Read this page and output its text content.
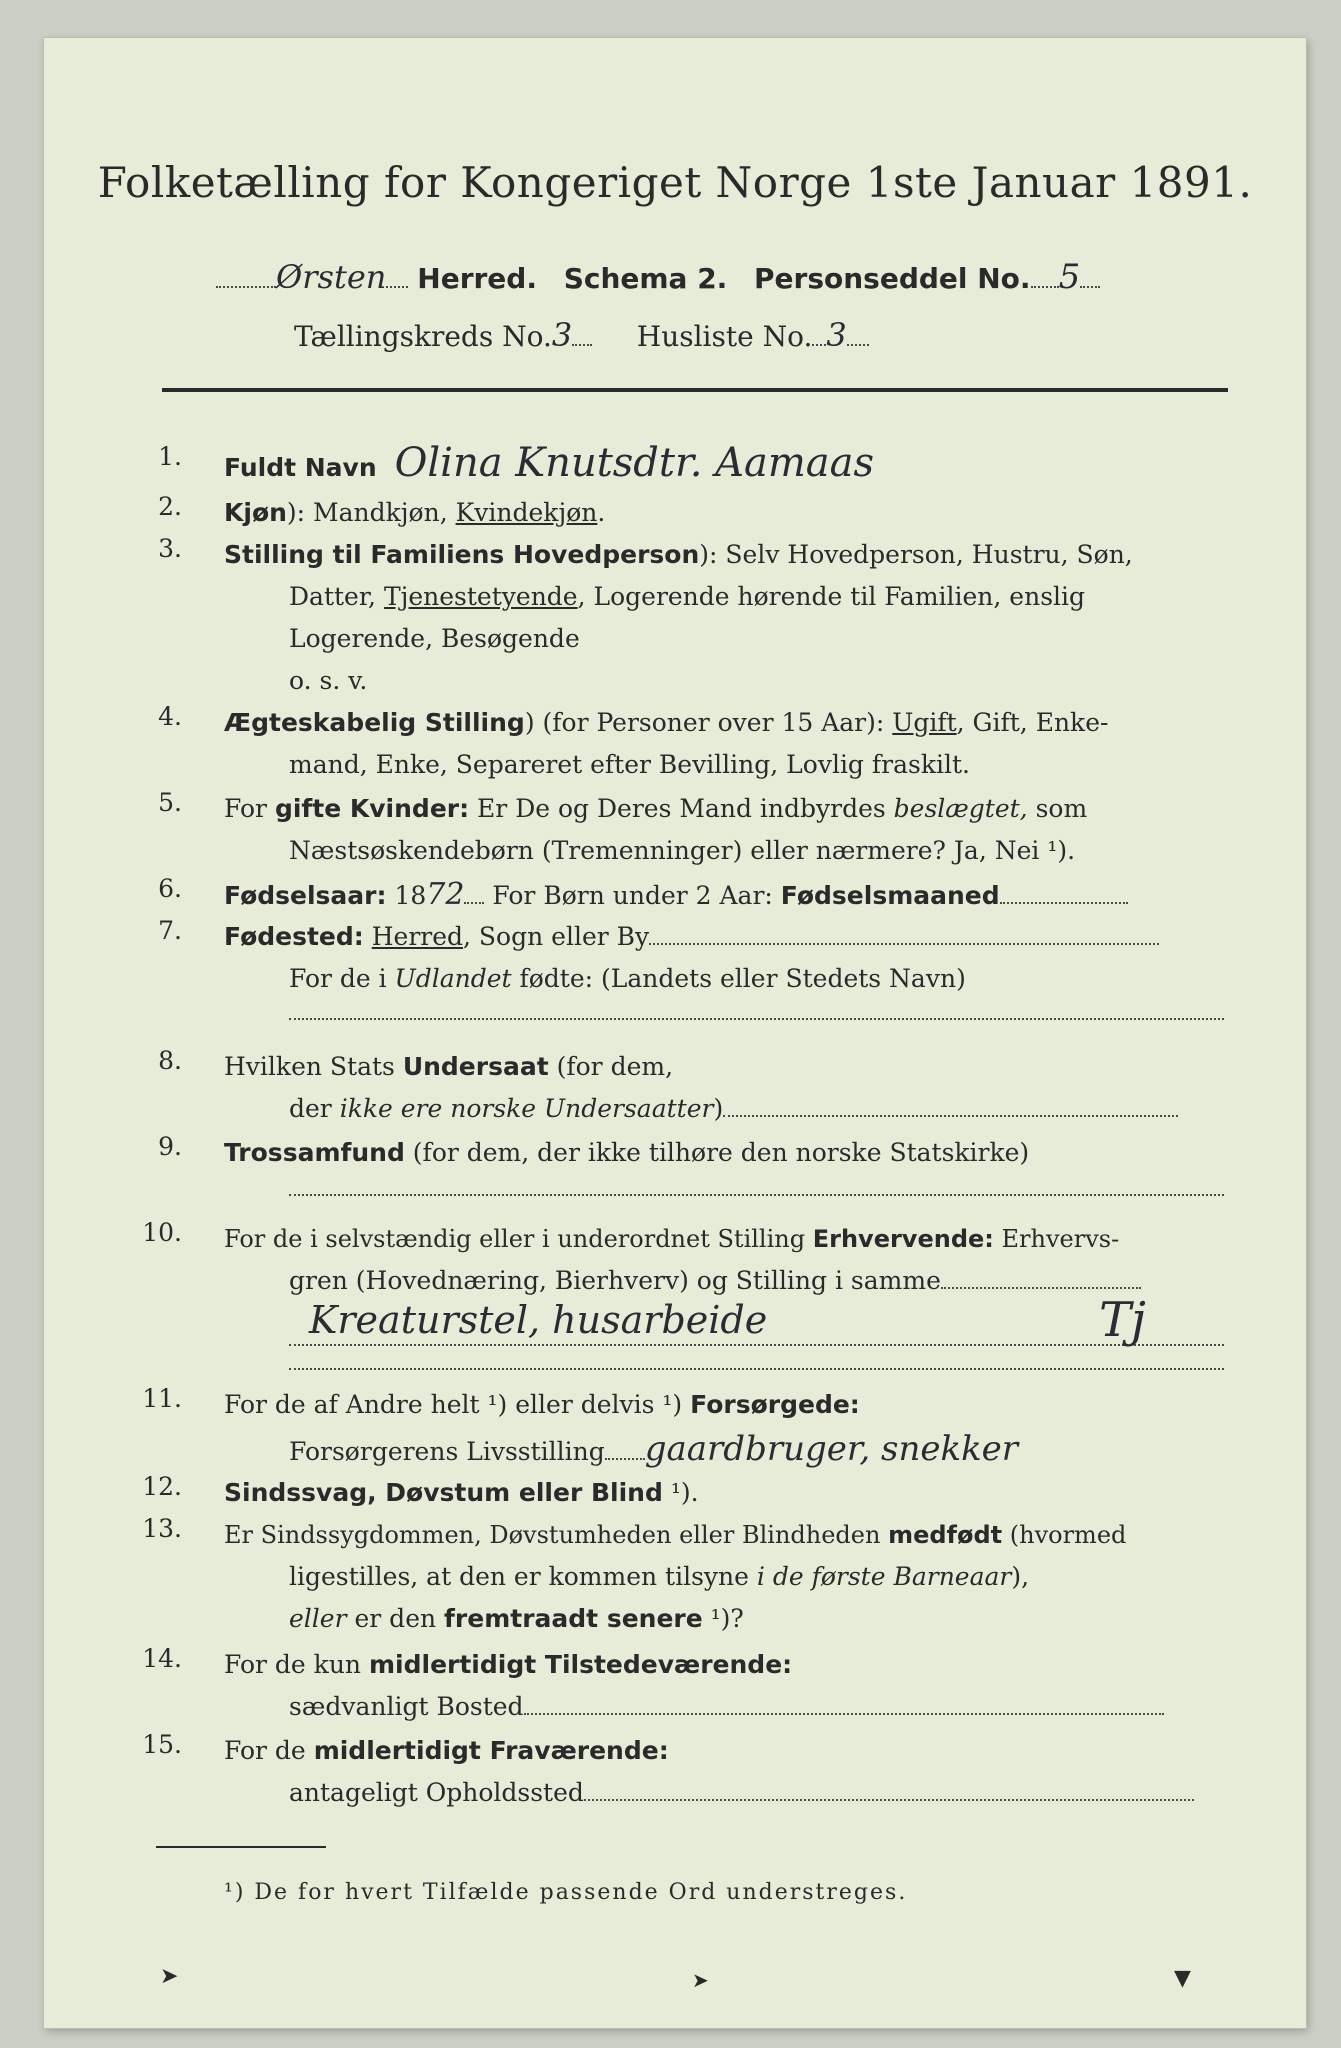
Folketælling for Kongeriget Norge 1ste Januar 1891.
Ørsten Herred. Schema 2. Personseddel No. 5
Tællingskreds No.3 Husliste No. 3
1. Fuldt Navn Olina Knutsdtr. Aamaas
2. Kjøn): Mandkjøn, Kvindekjøn.
3. Stilling til Familiens Hovedperson): Selv Hovedperson, Hustru, Søn,
Datter, Tjenestetyende, Logerende hørende til Familien, enslig
Logerende, Besøgende
o. s. v.
4. Ægteskabelig Stilling) (for Personer over 15 Aar): Ugift, Gift, Enke-
mand, Enke, Separeret efter Bevilling, Lovlig fraskilt.
5. For gifte Kvinder: Er De og Deres Mand indbyrdes beslægtet, som
Næstsøskendebørn (Tremenninger) eller nærmere? Ja, Nei ¹).
6. Fødselsaar: 1872 For Børn under 2 Aar: Fødselsmaaned
7. Fødested: Herred, Sogn eller By
For de i Udlandet fødte: (Landets eller Stedets Navn)
8. Hvilken Stats Undersaat (for dem,
der ikke ere norske Undersaatter)
9. Trossamfund (for dem, der ikke tilhøre den norske Statskirke)
10. For de i selvstændig eller i underordnet Stilling Erhvervende: Erhvervs-
gren (Hovednæring, Bierhverv) og Stilling i samme
Kreaturstel, husarbeide	Tj
11. For de af Andre helt ¹) eller delvis ¹) Forsørgede:
Forsørgerens Livsstilling gaardbruger, snekker
12. Sindssvag, Døvstum eller Blind ¹).
13. Er Sindssygdommen, Døvstumheden eller Blindheden medfødt (hvormed
ligestilles, at den er kommen tilsyne i de første Barneaar),
eller er den fremtraadt senere ¹)?
14. For de kun midlertidigt Tilstedeværende:
sædvanligt Bosted
15. For de midlertidigt Fraværende:
antageligt Opholdssted
¹) De for hvert Tilfælde passende Ord understreges.
➤	➤	▼
